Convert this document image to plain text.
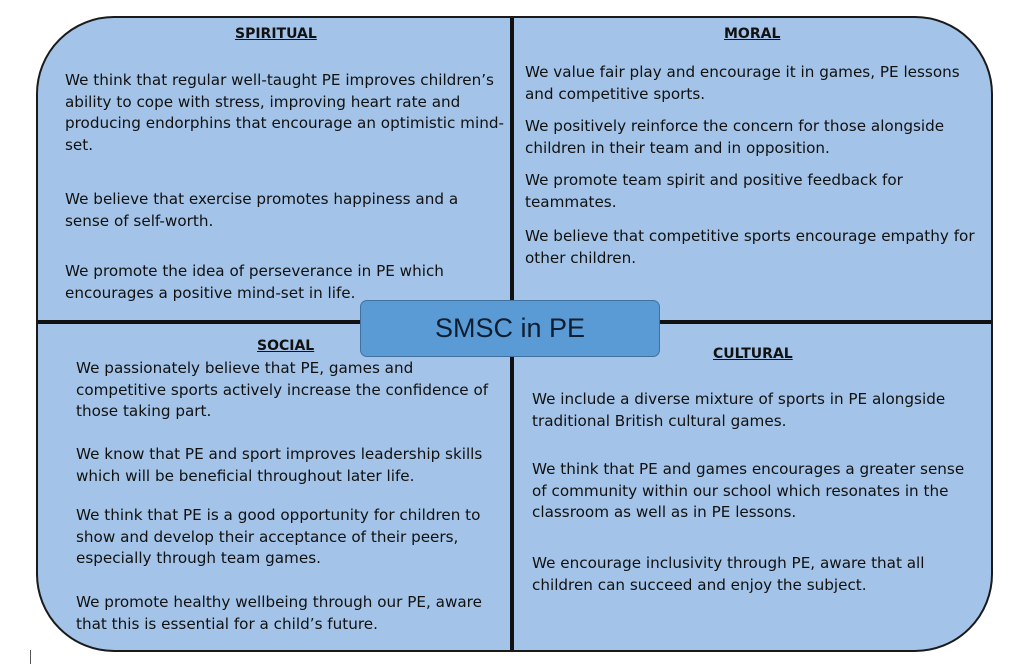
SPIRITUAL
We think that regular well-taught PE improves children’s ability to cope with stress, improving heart rate and producing endorphins that encourage an optimistic mind-set.
We believe that exercise promotes happiness and a sense of self-worth.
We promote the idea of perseverance in PE which encourages a positive mind-set in life.
MORAL
We value fair play and encourage it in games, PE lessons and competitive sports.
We positively reinforce the concern for those alongside children in their team and in opposition.
We promote team spirit and positive feedback for teammates.
We believe that competitive sports encourage empathy for other children.
SOCIAL
We passionately believe that PE, games and competitive sports actively increase the confidence of those taking part.
We know that PE and sport improves leadership skills which will be beneficial throughout later life.
We think that PE is a good opportunity for children to show and develop their acceptance of their peers, especially through team games.
We promote healthy wellbeing through our PE, aware that this is essential for a child’s future.
CULTURAL
We include a diverse mixture of sports in PE alongside traditional British cultural games.
We think that PE and games encourages a greater sense of community within our school which resonates in the classroom as well as in PE lessons.
We encourage inclusivity through PE, aware that all children can succeed and enjoy the subject.
SMSC in PE
